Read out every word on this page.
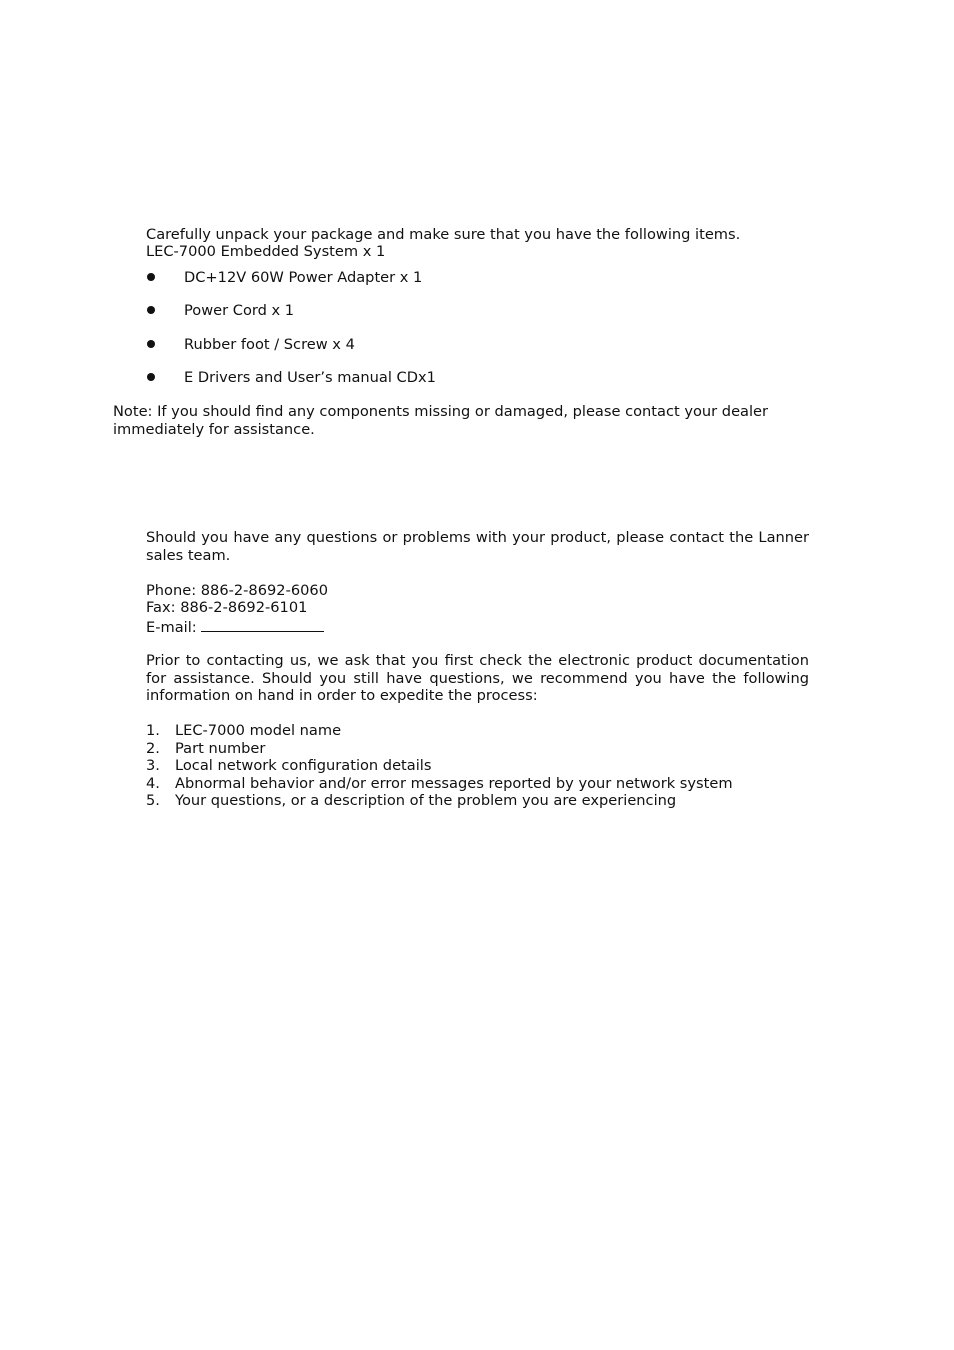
Carefully unpack your package and make sure that you have the following items.
LEC-7000 Embedded System x 1
DC+12V 60W Power Adapter x 1
Power Cord x 1
Rubber foot / Screw x 4
E Drivers and User’s manual CDx1
Note: If you should find any components missing or damaged, please contact your dealer
immediately for assistance.
Should you have any questions or problems with your product, please contact the Lanner sales team.
Phone: 886-2-8692-6060
Fax: 886-2-8692-6101
E-mail:
Prior to contacting us, we ask that you first check the electronic product documentation for assistance. Should you still have questions, we recommend you have the following information on hand in order to expedite the process:
1. LEC-7000 model name
2. Part number
3. Local network configuration details
4. Abnormal behavior and/or error messages reported by your network system
5. Your questions, or a description of the problem you are experiencing
